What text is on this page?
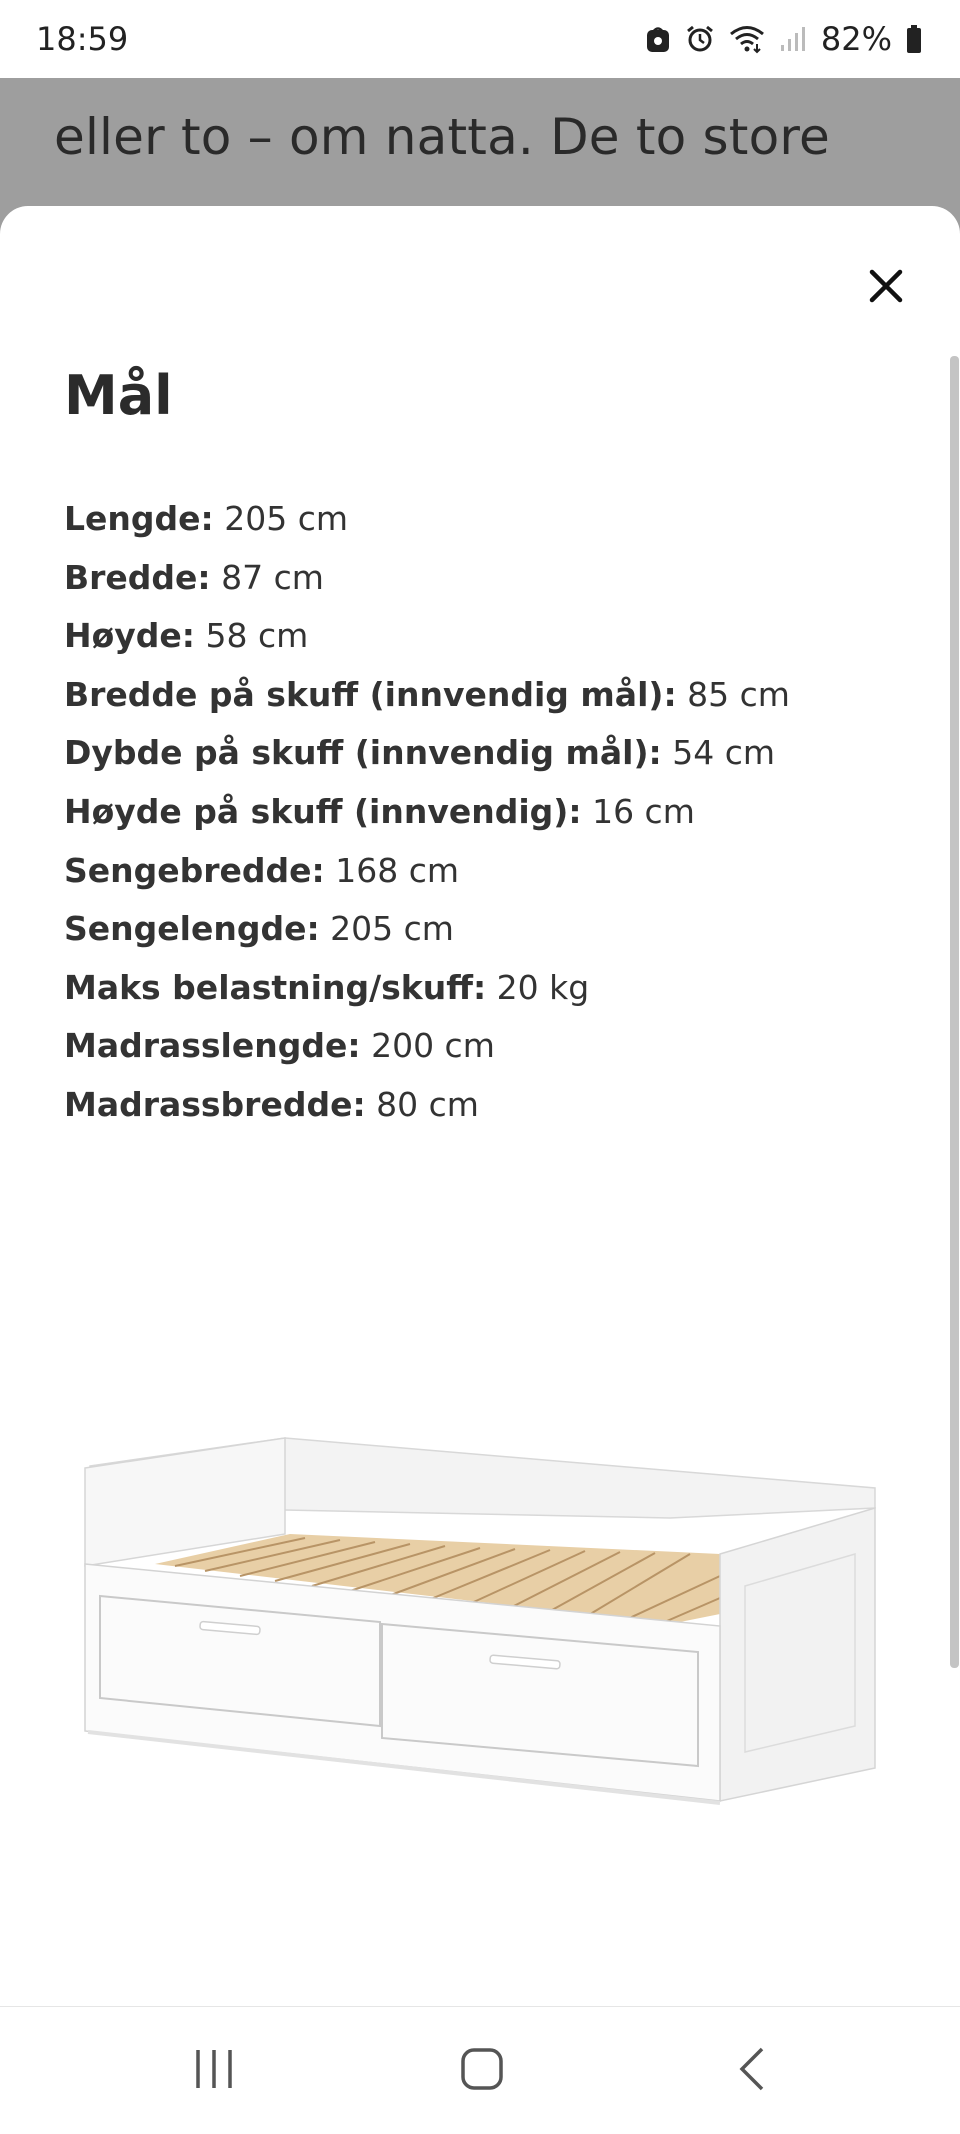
18:59	82%
eller to – om natta. De to store
Mål
Lengde: 205 cm
Bredde: 87 cm
Høyde: 58 cm
Bredde på skuff (innvendig mål): 85 cm
Dybde på skuff (innvendig mål): 54 cm
Høyde på skuff (innvendig): 16 cm
Sengebredde: 168 cm
Sengelengde: 205 cm
Maks belastning/skuff: 20 kg
Madrasslengde: 200 cm
Madrassbredde: 80 cm
